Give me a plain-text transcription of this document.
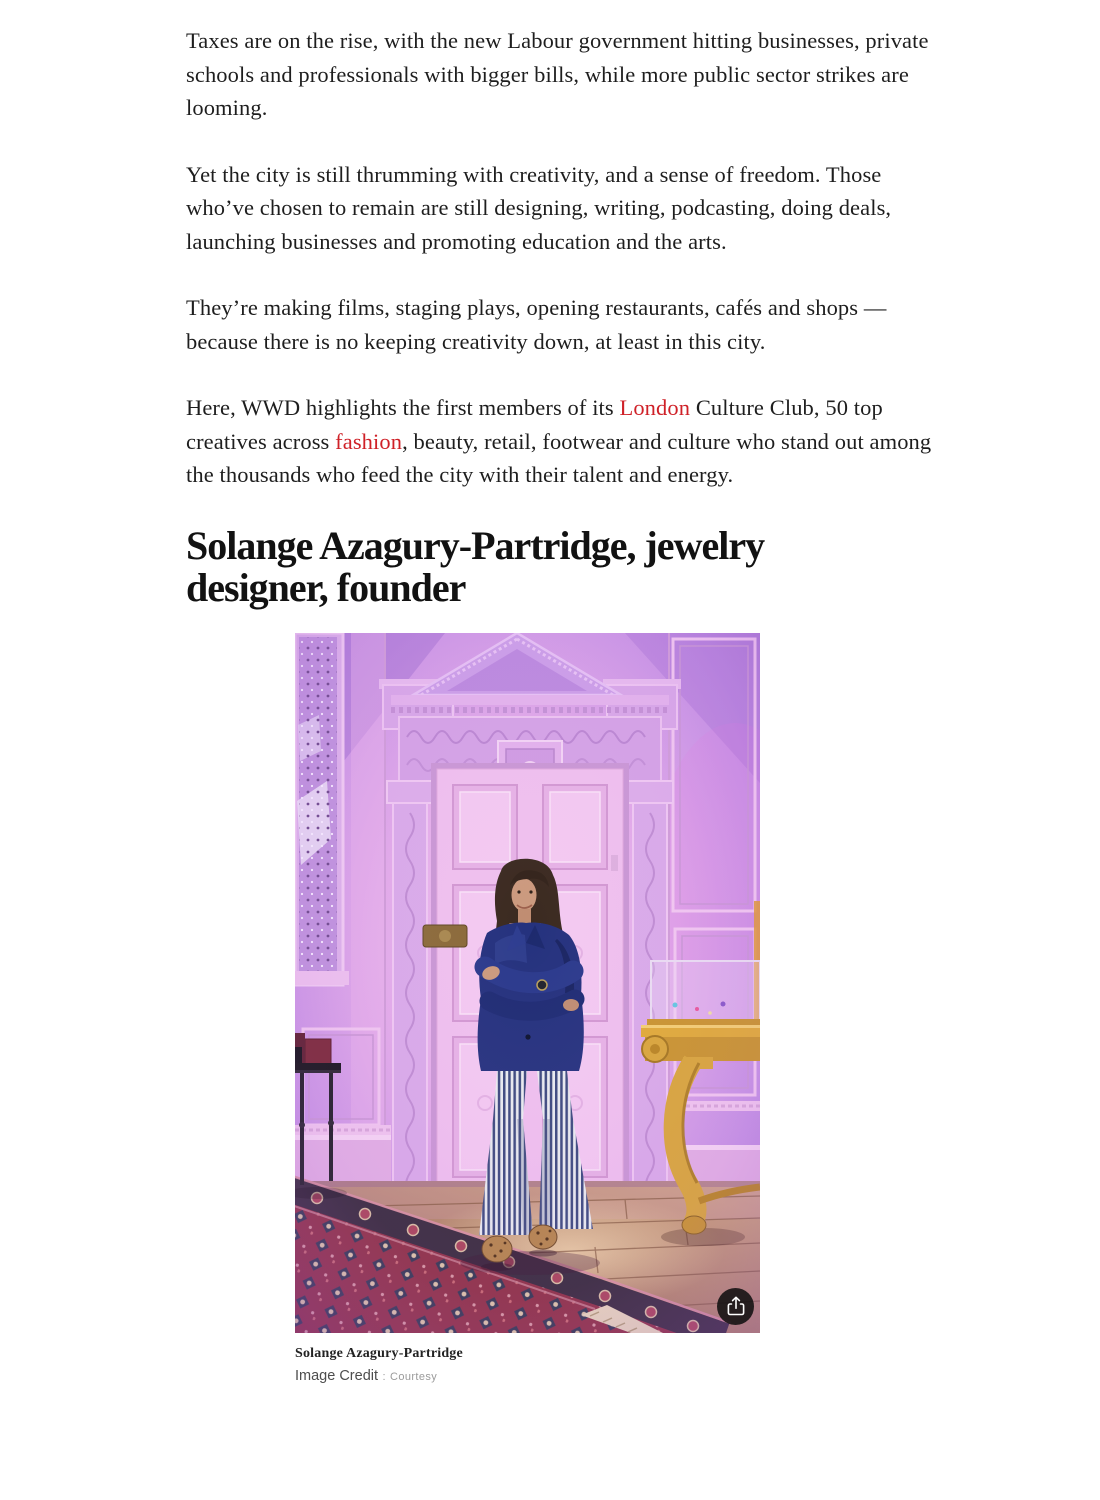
Taxes are on the rise, with the new Labour government hitting businesses, private schools and professionals with bigger bills, while more public sector strikes are looming.

Yet the city is still thrumming with creativity, and a sense of freedom. Those who’ve chosen to remain are still designing, writing, podcasting, doing deals, launching businesses and promoting education and the arts.

They’re making films, staging plays, opening restaurants, cafés and shops — because there is no keeping creativity down, at least in this city.

Here, WWD highlights the first members of its London Culture Club, 50 top creatives across fashion, beauty, retail, footwear and culture who stand out among the thousands who feed the city with their talent and energy.

Solange Azagury-Partridge, jewelry designer, founder
Solange Azagury-Partridge
Image Credit : Courtesy
